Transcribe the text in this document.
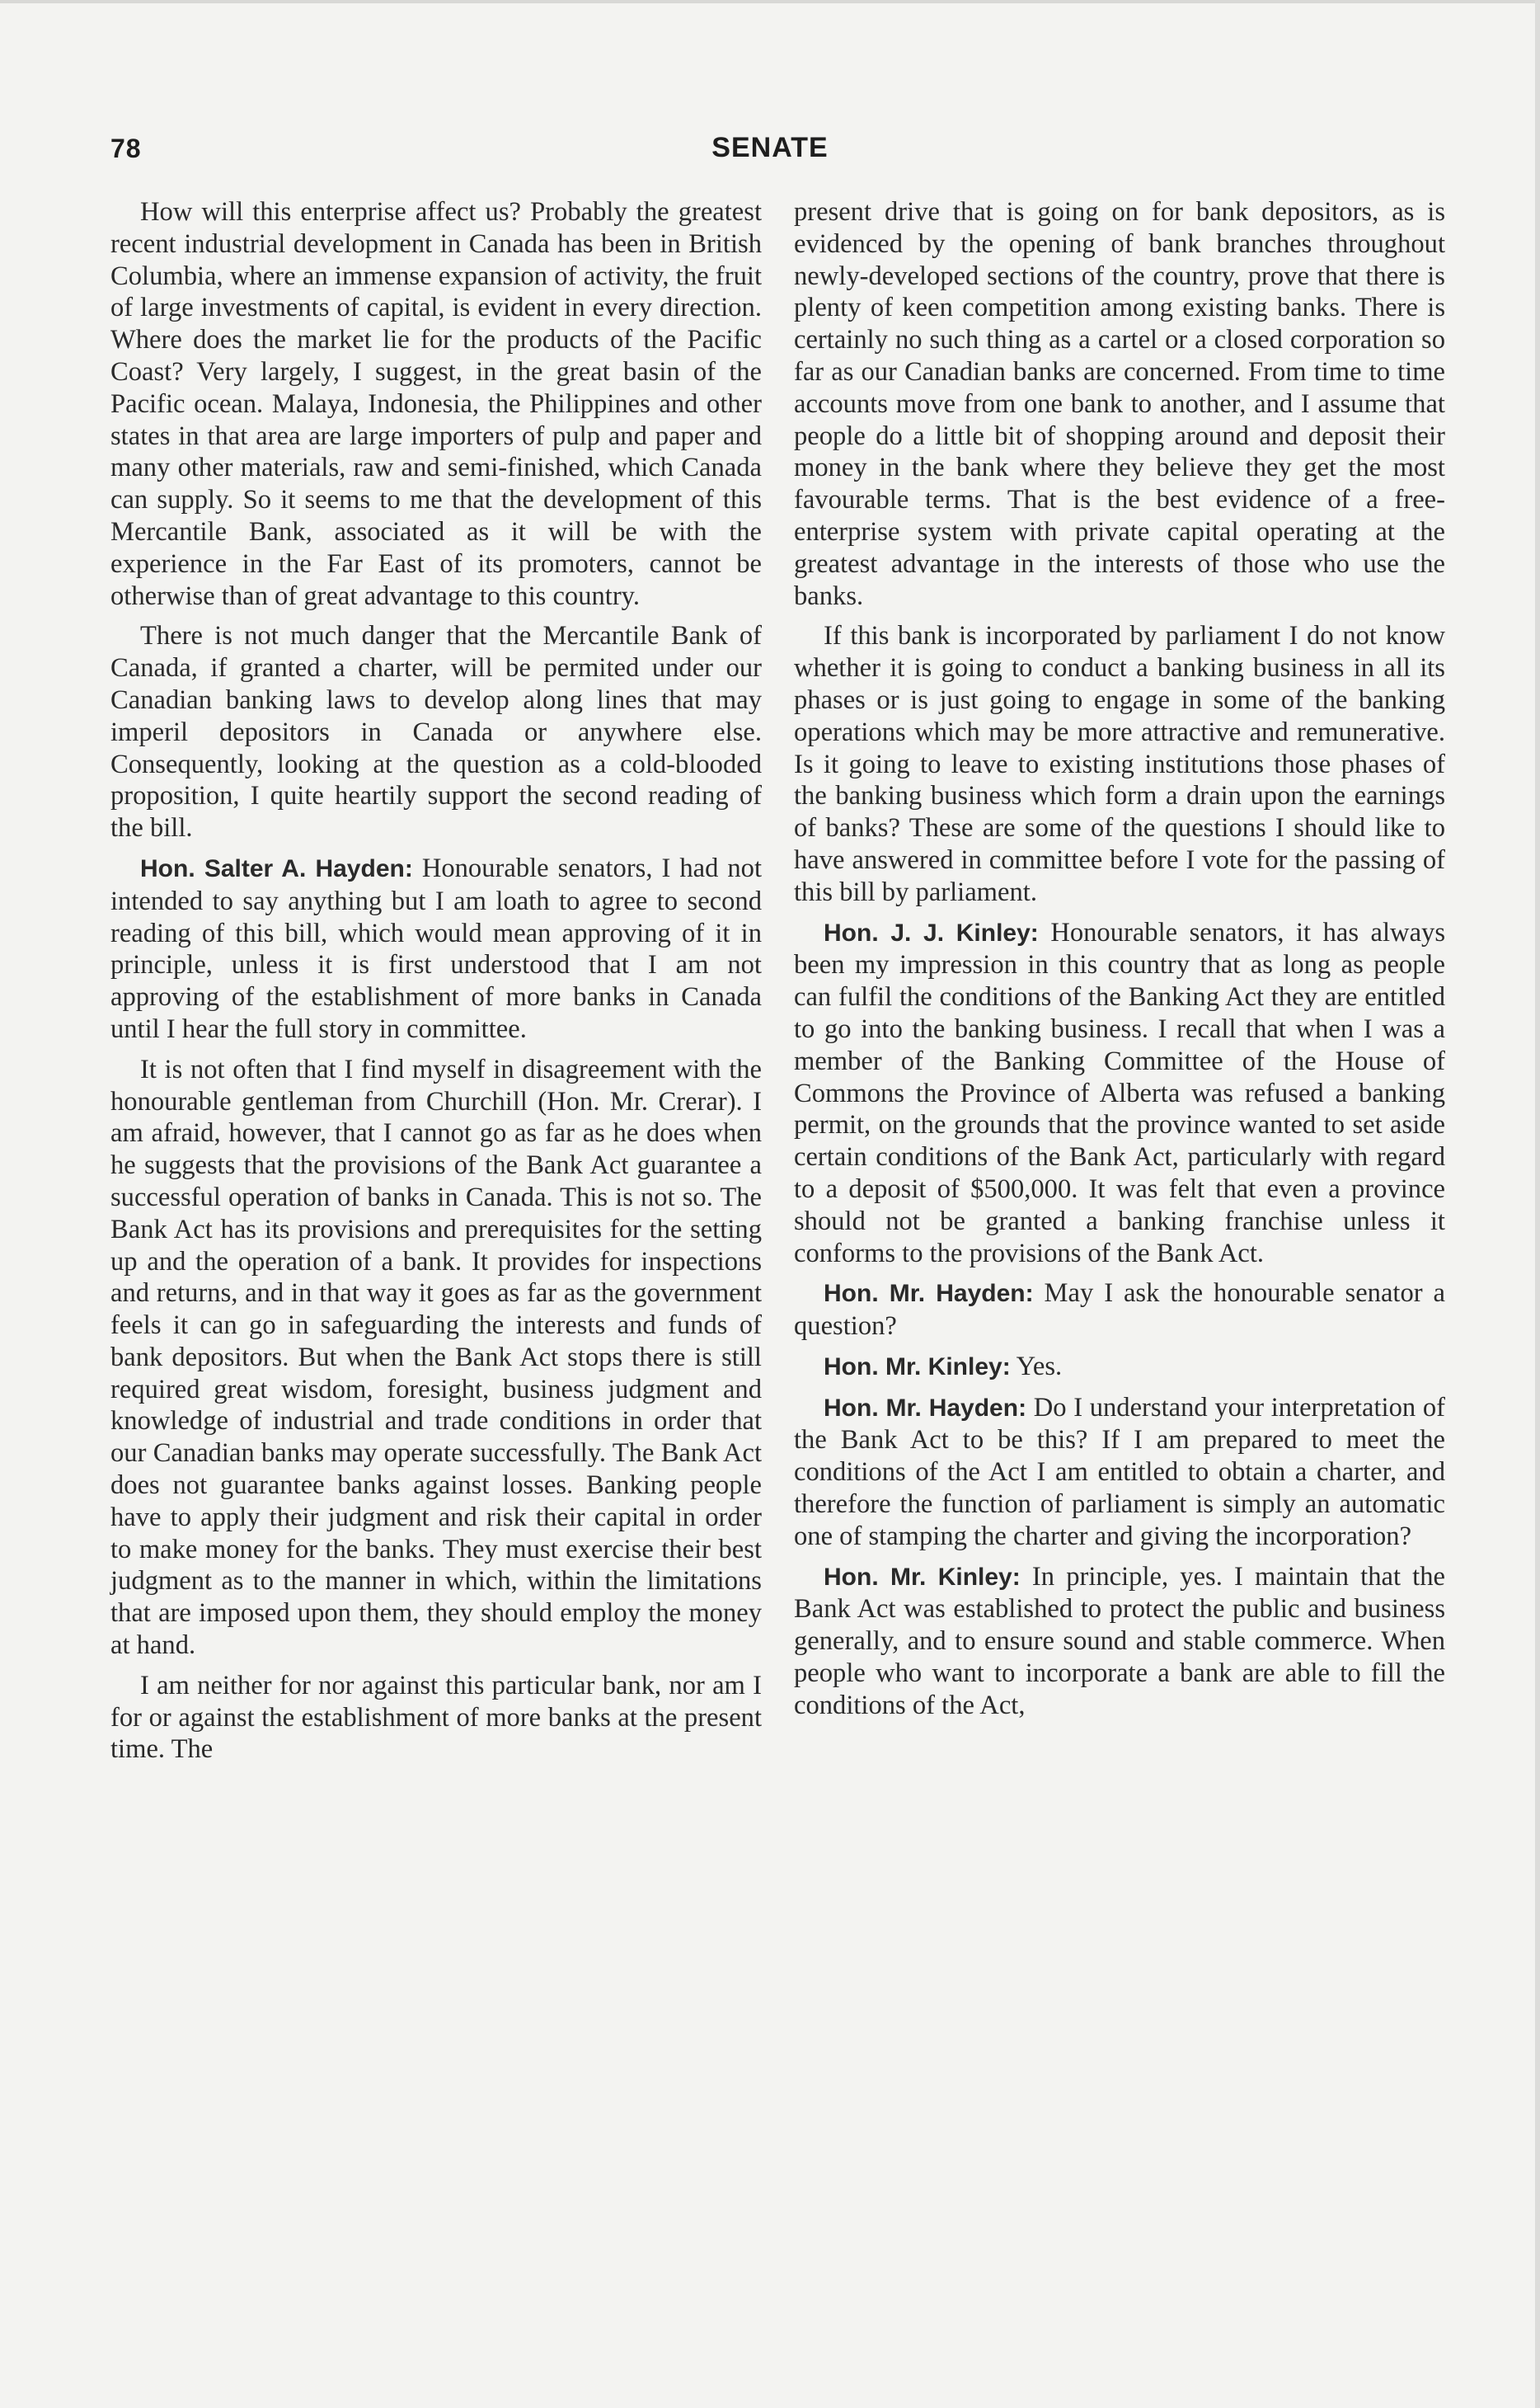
78	SENATE

How will this enterprise affect us? Probably the greatest recent industrial development in Canada has been in British Columbia, where an immense expansion of activity, the fruit of large investments of capital, is evident in every direction. Where does the market lie for the products of the Pacific Coast? Very largely, I suggest, in the great basin of the Pacific ocean. Malaya, Indonesia, the Philippines and other states in that area are large importers of pulp and paper and many other materials, raw and semi-finished, which Canada can supply. So it seems to me that the development of this Mercantile Bank, associated as it will be with the experience in the Far East of its promoters, cannot be otherwise than of great advantage to this country.

There is not much danger that the Mercantile Bank of Canada, if granted a charter, will be permited under our Canadian banking laws to develop along lines that may imperil depositors in Canada or anywhere else. Consequently, looking at the question as a cold-blooded proposition, I quite heartily support the second reading of the bill.

Hon. Salter A. Hayden: Honourable senators, I had not intended to say anything but I am loath to agree to second reading of this bill, which would mean approving of it in principle, unless it is first understood that I am not approving of the establishment of more banks in Canada until I hear the full story in committee.

It is not often that I find myself in disagreement with the honourable gentleman from Churchill (Hon. Mr. Crerar). I am afraid, however, that I cannot go as far as he does when he suggests that the provisions of the Bank Act guarantee a successful operation of banks in Canada. This is not so. The Bank Act has its provisions and prerequisites for the setting up and the operation of a bank. It provides for inspections and returns, and in that way it goes as far as the government feels it can go in safeguarding the interests and funds of bank depositors. But when the Bank Act stops there is still required great wisdom, foresight, business judgment and knowledge of industrial and trade conditions in order that our Canadian banks may operate successfully. The Bank Act does not guarantee banks against losses. Banking people have to apply their judgment and risk their capital in order to make money for the banks. They must exercise their best judgment as to the manner in which, within the limitations that are imposed upon them, they should employ the money at hand.

I am neither for nor against this particular bank, nor am I for or against the establishment of more banks at the present time. The

present drive that is going on for bank depositors, as is evidenced by the opening of bank branches throughout newly-developed sections of the country, prove that there is plenty of keen competition among existing banks. There is certainly no such thing as a cartel or a closed corporation so far as our Canadian banks are concerned. From time to time accounts move from one bank to another, and I assume that people do a little bit of shopping around and deposit their money in the bank where they believe they get the most favourable terms. That is the best evidence of a free-enterprise system with private capital operating at the greatest advantage in the interests of those who use the banks.

If this bank is incorporated by parliament I do not know whether it is going to conduct a banking business in all its phases or is just going to engage in some of the banking operations which may be more attractive and remunerative. Is it going to leave to existing institutions those phases of the banking business which form a drain upon the earnings of banks? These are some of the questions I should like to have answered in committee before I vote for the passing of this bill by parliament.

Hon. J. J. Kinley: Honourable senators, it has always been my impression in this country that as long as people can fulfil the conditions of the Banking Act they are entitled to go into the banking business. I recall that when I was a member of the Banking Committee of the House of Commons the Province of Alberta was refused a banking permit, on the grounds that the province wanted to set aside certain conditions of the Bank Act, particularly with regard to a deposit of $500,000. It was felt that even a province should not be granted a banking franchise unless it conforms to the provisions of the Bank Act.

Hon. Mr. Hayden: May I ask the honourable senator a question?

Hon. Mr. Kinley: Yes.

Hon. Mr. Hayden: Do I understand your interpretation of the Bank Act to be this? If I am prepared to meet the conditions of the Act I am entitled to obtain a charter, and therefore the function of parliament is simply an automatic one of stamping the charter and giving the incorporation?

Hon. Mr. Kinley: In principle, yes. I maintain that the Bank Act was established to protect the public and business generally, and to ensure sound and stable commerce. When people who want to incorporate a bank are able to fill the conditions of the Act,
